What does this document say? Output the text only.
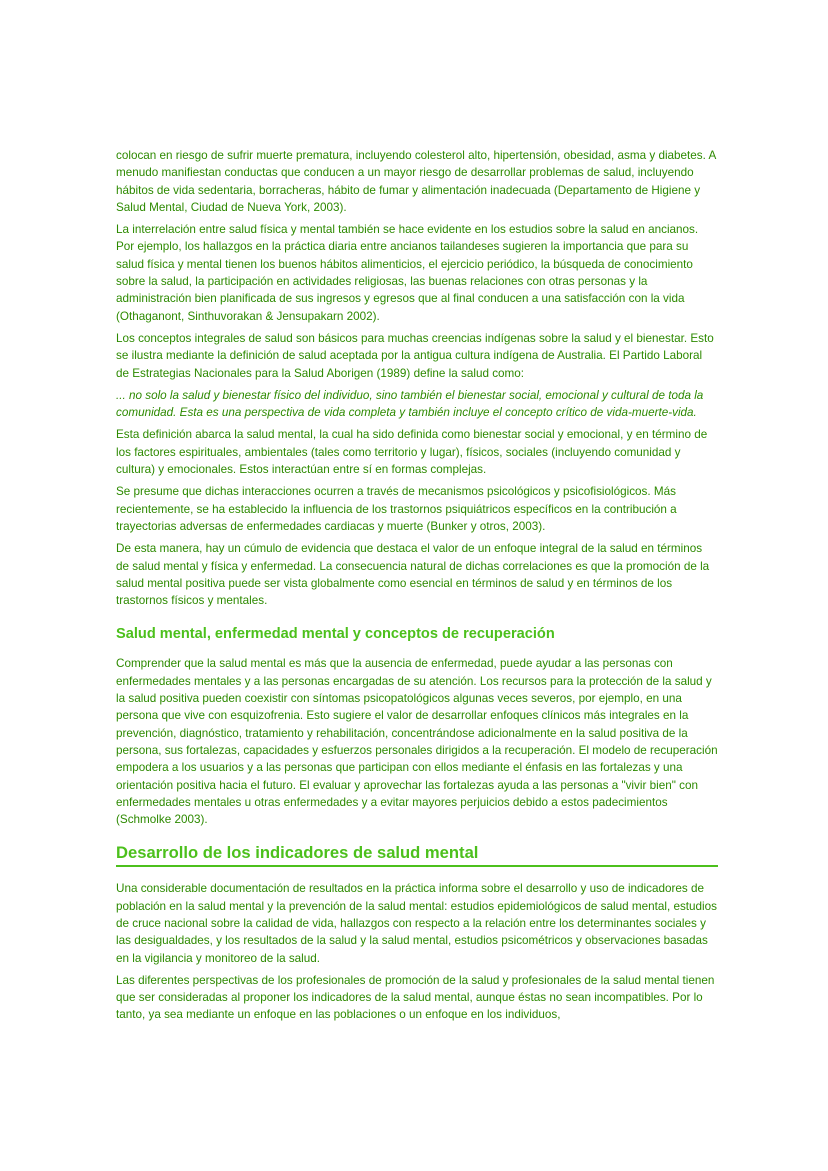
colocan en riesgo de sufrir muerte prematura, incluyendo colesterol alto, hipertensión, obesidad, asma y diabetes. A menudo manifiestan conductas que conducen a un mayor riesgo de desarrollar problemas de salud, incluyendo hábitos de vida sedentaria, borracheras, hábito de fumar y alimentación inadecuada (Departamento de Higiene y Salud Mental, Ciudad de Nueva York, 2003).

La interrelación entre salud física y mental también se hace evidente en los estudios sobre la salud en ancianos. Por ejemplo, los hallazgos en la práctica diaria entre ancianos tailandeses sugieren la importancia que para su salud física y mental tienen los buenos hábitos alimenticios, el ejercicio periódico, la búsqueda de conocimiento sobre la salud, la participación en actividades religiosas, las buenas relaciones con otras personas y la administración bien planificada de sus ingresos y egresos que al final conducen a una satisfacción con la vida (Othaganont, Sinthuvorakan & Jensupakarn 2002).

Los conceptos integrales de salud son básicos para muchas creencias indígenas sobre la salud y el bienestar. Esto se ilustra mediante la definición de salud aceptada por la antigua cultura indígena de Australia. El Partido Laboral de Estrategias Nacionales para la Salud Aborigen (1989) define la salud como:

... no solo la salud y bienestar físico del individuo, sino también el bienestar social, emocional y cultural de toda la comunidad. Esta es una perspectiva de vida completa y también incluye el concepto crítico de vida-muerte-vida.

Esta definición abarca la salud mental, la cual ha sido definida como bienestar social y emocional, y en término de los factores espirituales, ambientales (tales como territorio y lugar), físicos, sociales (incluyendo comunidad y cultura) y emocionales. Estos interactúan entre sí en formas complejas.

Se presume que dichas interacciones ocurren a través de mecanismos psicológicos y psicofisiológicos. Más recientemente, se ha establecido la influencia de los trastornos psiquiátricos específicos en la contribución a trayectorias adversas de enfermedades cardiacas y muerte (Bunker y otros, 2003).

De esta manera, hay un cúmulo de evidencia que destaca el valor de un enfoque integral de la salud en términos de salud mental y física y enfermedad. La consecuencia natural de dichas correlaciones es que la promoción de la salud mental positiva puede ser vista globalmente como esencial en términos de salud y en términos de los trastornos físicos y mentales.

Salud mental, enfermedad mental y conceptos de recuperación

Comprender que la salud mental es más que la ausencia de enfermedad, puede ayudar a las personas con enfermedades mentales y a las personas encargadas de su atención. Los recursos para la protección de la salud y la salud positiva pueden coexistir con síntomas psicopatológicos algunas veces severos, por ejemplo, en una persona que vive con esquizofrenia. Esto sugiere el valor de desarrollar enfoques clínicos más integrales en la prevención, diagnóstico, tratamiento y rehabilitación, concentrándose adicionalmente en la salud positiva de la persona, sus fortalezas, capacidades y esfuerzos personales dirigidos a la recuperación. El modelo de recuperación empodera a los usuarios y a las personas que participan con ellos mediante el énfasis en las fortalezas y una orientación positiva hacia el futuro. El evaluar y aprovechar las fortalezas ayuda a las personas a "vivir bien" con enfermedades mentales u otras enfermedades y a evitar mayores perjuicios debido a estos padecimientos (Schmolke 2003).

Desarrollo de los indicadores de salud mental

Una considerable documentación de resultados en la práctica informa sobre el desarrollo y uso de indicadores de población en la salud mental y la prevención de la salud mental: estudios epidemiológicos de salud mental, estudios de cruce nacional sobre la calidad de vida, hallazgos con respecto a la relación entre los determinantes sociales y las desigualdades, y los resultados de la salud y la salud mental, estudios psicométricos y observaciones basadas en la vigilancia y monitoreo de la salud.

Las diferentes perspectivas de los profesionales de promoción de la salud y profesionales de la salud mental tienen que ser consideradas al proponer los indicadores de la salud mental, aunque éstas no sean incompatibles. Por lo tanto, ya sea mediante un enfoque en las poblaciones o un enfoque en los individuos,
